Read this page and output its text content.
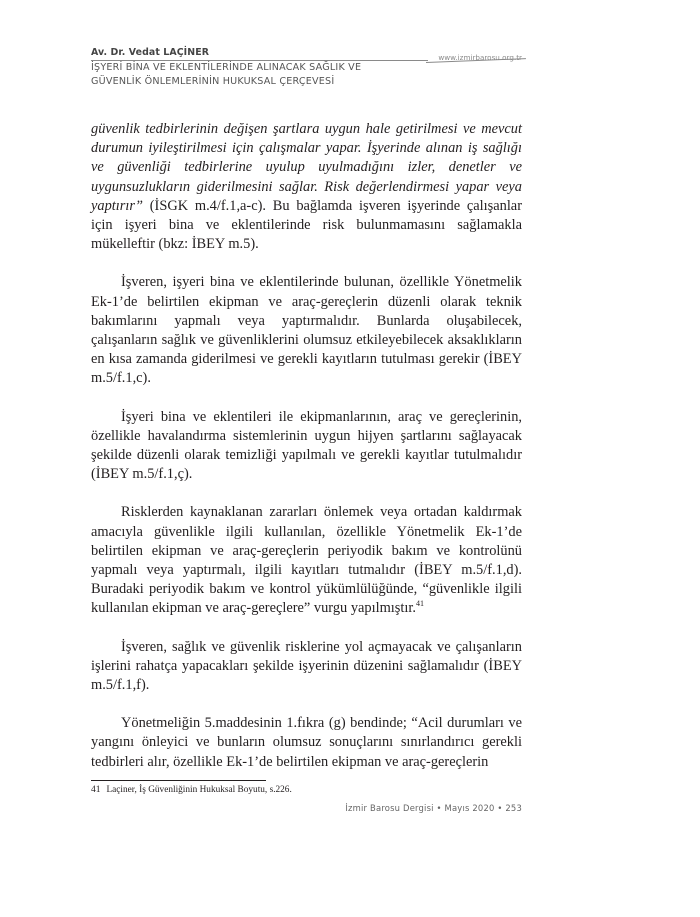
Av. Dr. Vedat LAÇİNER	www.izmirbarosu.org.tr
İŞYERİ BİNA VE EKLENTİLERİNDE ALINACAK SAĞLIK VE
GÜVENLİK ÖNLEMLERİNİN HUKUKSAL ÇERÇEVESİ

güvenlik tedbirlerinin değişen şartlara uygun hale getirilmesi ve mevcut durumun iyileştirilmesi için çalışmalar yapar. İşyerinde alınan iş sağlığı ve güvenliği tedbirlerine uyulup uyulmadığını izler, denetler ve uygunsuzlukların giderilmesini sağlar. Risk değerlendirmesi yapar veya yaptırır” (İSGK m.4/f.1,a-c). Bu bağlamda işveren işyerinde çalışanlar için işyeri bina ve eklentilerinde risk bulunmamasını sağlamakla mükelleftir (bkz: İBEY m.5).

İşveren, işyeri bina ve eklentilerinde bulunan, özellikle Yönetmelik Ek-1’de belirtilen ekipman ve araç-gereçlerin düzenli olarak teknik bakımlarını yapmalı veya yaptırmalıdır. Bunlarda oluşabilecek, çalışanların sağlık ve güvenliklerini olumsuz etkileyebilecek aksaklıkların en kısa zamanda giderilmesi ve gerekli kayıtların tutulması gerekir (İBEY m.5/f.1,c).

İşyeri bina ve eklentileri ile ekipmanlarının, araç ve gereçlerinin, özellikle havalandırma sistemlerinin uygun hijyen şartlarını sağlayacak şekilde düzenli olarak temizliği yapılmalı ve gerekli kayıtlar tutulmalıdır (İBEY m.5/f.1,ç).

Risklerden kaynaklanan zararları önlemek veya ortadan kaldırmak amacıyla güvenlikle ilgili kullanılan, özellikle Yönetmelik Ek-1’de belirtilen ekipman ve araç-gereçlerin periyodik bakım ve kontrolünü yapmalı veya yaptırmalı, ilgili kayıtları tutmalıdır (İBEY m.5/f.1,d). Buradaki periyodik bakım ve kontrol yükümlülüğünde, “güvenlikle ilgili kullanılan ekipman ve araç-gereçlere” vurgu yapılmıştır.$^{41}$

İşveren, sağlık ve güvenlik risklerine yol açmayacak ve çalışanların işlerini rahatça yapacakları şekilde işyerinin düzenini sağlamalıdır (İBEY m.5/f.1,f).

Yönetmeliğin 5.maddesinin 1.fıkra (g) bendinde; “Acil durumları ve yangını önleyici ve bunların olumsuz sonuçlarını sınırlandırıcı gerekli tedbirleri alır, özellikle Ek-1’de belirtilen ekipman ve araç-gereçlerin

41 Laçiner, İş Güvenliğinin Hukuksal Boyutu, s.226.
İzmir Barosu Dergisi • Mayıs 2020 • 253
